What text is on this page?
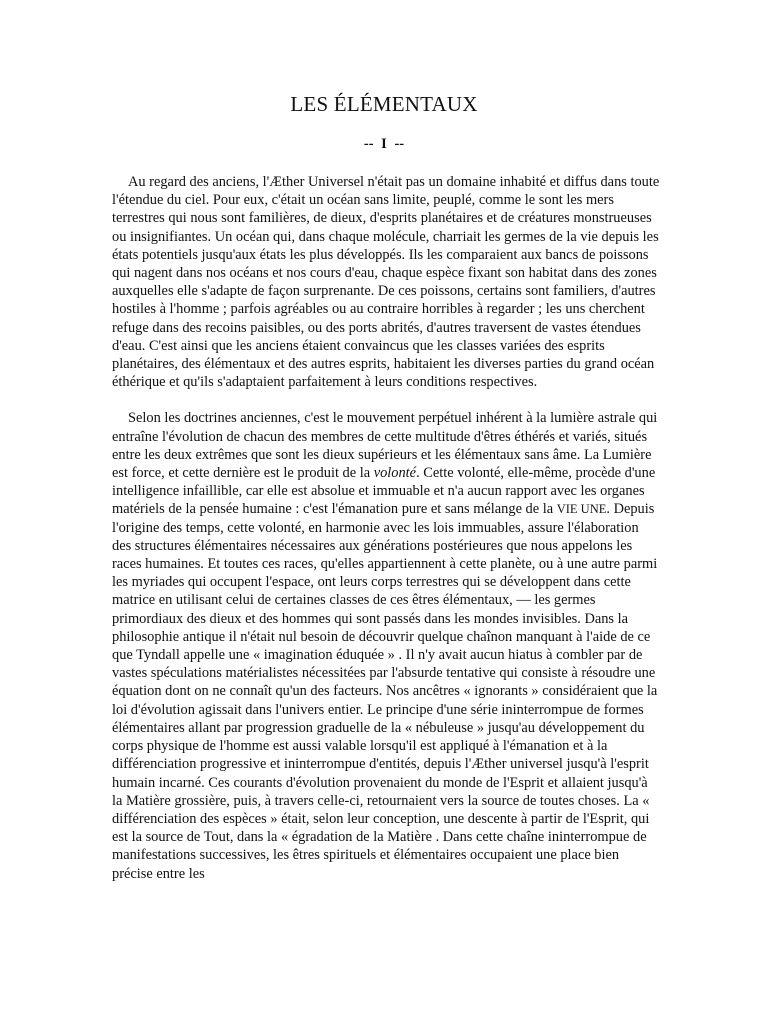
LES ÉLÉMENTAUX
-- I --

Au regard des anciens, l'Æther Universel n'était pas un domaine inhabité et diffus dans toute l'étendue du ciel. Pour eux, c'était un océan sans limite, peuplé, comme le sont les mers terrestres qui nous sont familières, de dieux, d'esprits planétaires et de créatures monstrueuses ou insignifiantes. Un océan qui, dans chaque molécule, charriait les germes de la vie depuis les états potentiels jusqu'aux états les plus développés. Ils les comparaient aux bancs de poissons qui nagent dans nos océans et nos cours d'eau, chaque espèce fixant son habitat dans des zones auxquelles elle s'adapte de façon surprenante. De ces poissons, certains sont familiers, d'autres hostiles à l'homme ; parfois agréables ou au contraire horribles à regarder ; les uns cherchent refuge dans des recoins paisibles, ou des ports abrités, d'autres traversent de vastes étendues d'eau. C'est ainsi que les anciens étaient convaincus que les classes variées des esprits planétaires, des élémentaux et des autres esprits, habitaient les diverses parties du grand océan éthérique et qu'ils s'adaptaient parfaitement à leurs conditions respectives.

Selon les doctrines anciennes, c'est le mouvement perpétuel inhérent à la lumière astrale qui entraîne l'évolution de chacun des membres de cette multitude d'êtres éthérés et variés, situés entre les deux extrêmes que sont les dieux supérieurs et les élémentaux sans âme. La Lumière est force, et cette dernière est le produit de la volonté. Cette volonté, elle-même, procède d'une intelligence infaillible, car elle est absolue et immuable et n'a aucun rapport avec les organes matériels de la pensée humaine : c'est l'émanation pure et sans mélange de la VIE UNE. Depuis l'origine des temps, cette volonté, en harmonie avec les lois immuables, assure l'élaboration des structures élémentaires nécessaires aux générations postérieures que nous appelons les races humaines. Et toutes ces races, qu'elles appartiennent à cette planète, ou à une autre parmi les myriades qui occupent l'espace, ont leurs corps terrestres qui se développent dans cette matrice en utilisant celui de certaines classes de ces êtres élémentaux, — les germes primordiaux des dieux et des hommes qui sont passés dans les mondes invisibles. Dans la philosophie antique il n'était nul besoin de découvrir quelque chaînon manquant à l'aide de ce que Tyndall appelle une « imagination éduquée » . Il n'y avait aucun hiatus à combler par de vastes spéculations matérialistes nécessitées par l'absurde tentative qui consiste à résoudre une équation dont on ne connaît qu'un des facteurs. Nos ancêtres « ignorants » considéraient que la loi d'évolution agissait dans l'univers entier. Le principe d'une série ininterrompue de formes élémentaires allant par progression graduelle de la « nébuleuse » jusqu'au développement du corps physique de l'homme est aussi valable lorsqu'il est appliqué à l'émanation et à la différenciation progressive et ininterrompue d'entités, depuis l'Æther universel jusqu'à l'esprit humain incarné. Ces courants d'évolution provenaient du monde de l'Esprit et allaient jusqu'à la Matière grossière, puis, à travers celle-ci, retournaient vers la source de toutes choses. La « différenciation des espèces » était, selon leur conception, une descente à partir de l'Esprit, qui est la source de Tout, dans la « égradation de la Matière . Dans cette chaîne ininterrompue de manifestations successives, les êtres spirituels et élémentaires occupaient une place bien précise entre les
